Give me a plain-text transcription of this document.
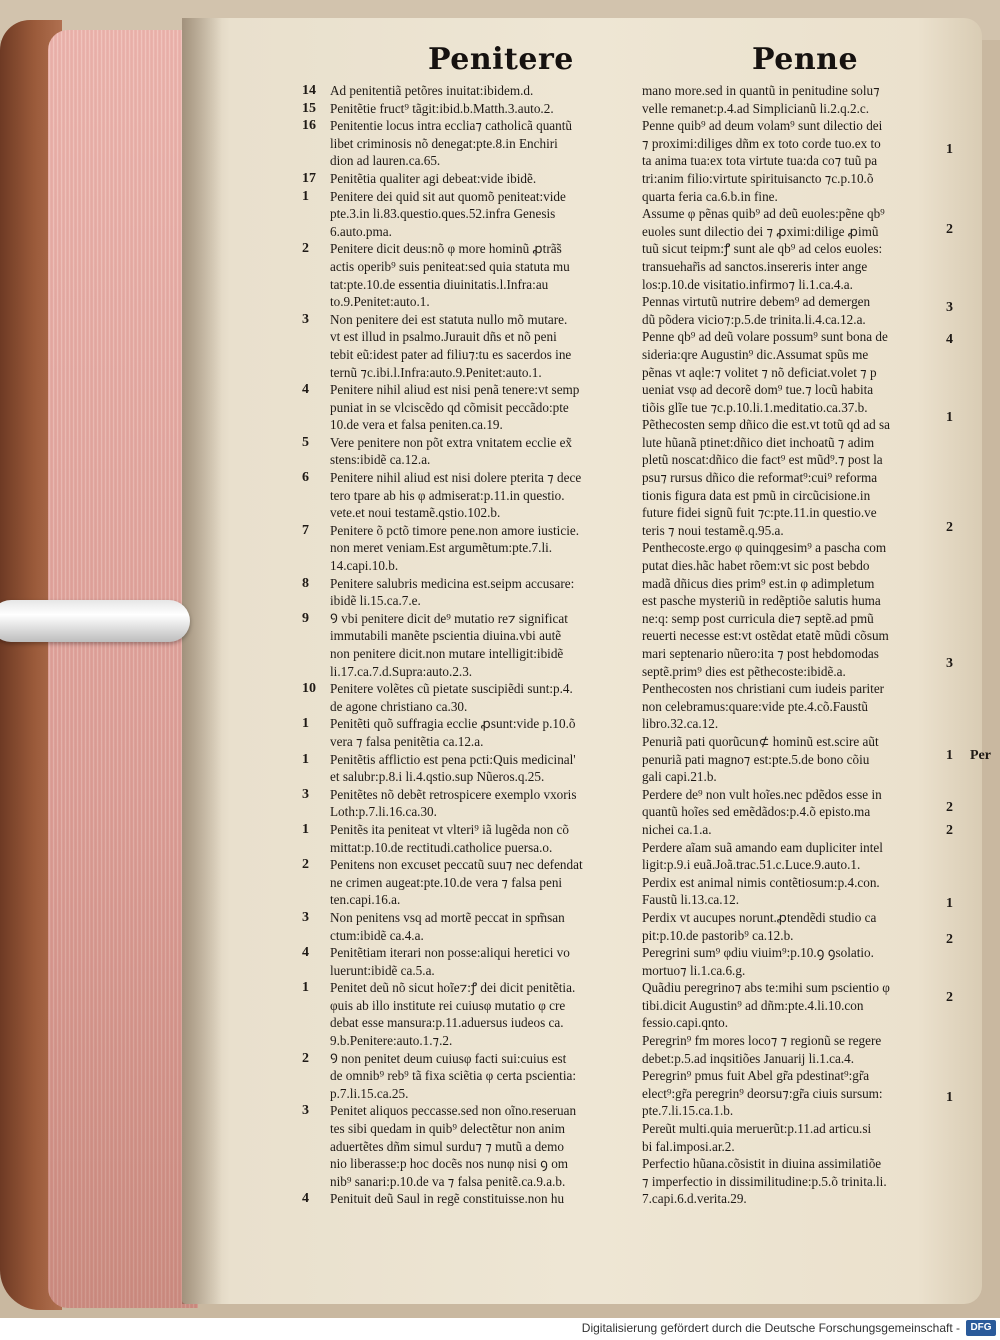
Penitere	Penne
14	Ad penitentiã petõres inuitat:ibidem.d.
15	Penitẽtie fruct⁹ tãgit:ibid.b.Matth.3.auto.2.
16	Penitentie locus intra ecclia⁊ catholicã quantũ
libet criminosis nõ denegat:pte.8.in Enchiri
dion ad lauren.ca.65.
17	Penitẽtia qualiter agi debeat:vide ibidẽ.
1	Penitere dei quid sit aut quomõ peniteat:vide
pte.3.in li.83.questio.ques.52.infra Genesis
6.auto.pma.
2	Penitere dicit deus:nõ φ more hominũ ꝓtrã̃s
actis operib⁹ suis peniteat:sed quia statuta mu
tat:pte.10.de essentia diuinitatis.l.Infra:au
to.9.Penitet:auto.1.
3	Non penitere dei est statuta nullo mõ mutare.
vt est illud in psalmo.Jurauit dñs et nõ peni
tebit eũ:idest pater ad filiu⁊:tu es sacerdos ine
ternũ ⁊c.ibi.l.Infra:auto.9.Penitet:auto.1.
4	Penitere nihil aliud est nisi penã tenere:vt semp
puniat in se vlciscẽdo qd cõmisit peccãdo:pte
10.de vera et falsa peniten.ca.19.
5	Vere penitere non põt extra vnitatem ecclie ex̃
stens:ibidẽ ca.12.a.
6	Penitere nihil aliud est nisi dolere pterita ⁊ dece
tero tpare ab his φ admiserat:p.11.in questio.
vete.et noui testamẽ.qstio.102.b.
7	Penitere õ pctõ timore pene.non amore iusticie.
non meret veniam.Est argumẽtum:pte.7.li.
14.capi.10.b.
8	Penitere salubris medicina est.seipm accusare:
ibidẽ li.15.ca.7.e.
9	Ꝯ vbi penitere dicit de⁹ mutatio re⁊ significat
immutabili manẽte pscientia diuina.vbi autẽ
non penitere dicit.non mutare intelligit:ibidẽ
li.17.ca.7.d.Supra:auto.2.3.
10	Penitere volẽtes cũ pietate suscipiẽdi sunt:p.4.
de agone christiano ca.30.
1	Penitẽti quõ suffragia ecclie ꝓsunt:vide p.10.õ
vera ⁊ falsa penitẽtia ca.12.a.
1	Penitẽtis afflictio est pena pcti:Quis medicinal'
et salubr:p.8.i li.4.qstio.sup Nũeros.q.25.
3	Penitẽtes nõ debẽt retrospicere exemplo vxoris
Loth:p.7.li.16.ca.30.
1	Penitẽs ita peniteat vt vlteri⁹ iã lugẽda non cõ
mittat:p.10.de rectitudi.catholice puersa.o.
2	Penitens non excuset peccatũ suu⁊ nec defendat
ne crimen augeat:pte.10.de vera ⁊ falsa peni
ten.capi.16.a.
3	Non penitens vsq ad mortẽ peccat in spm̃san
ctum:ibidẽ ca.4.a.
4	Penitẽtiam iterari non posse:aliqui heretici vo
luerunt:ibidẽ ca.5.a.
1	Penitet deũ nõ sicut hoĩe⁊:ꝭ dei dicit penitẽtia.
φuis ab illo institute rei cuiusφ mutatio φ cre
debat esse mansura:p.11.aduersus iudeos ca.
9.b.Penitere:auto.1.⁊.2.
2	Ꝯ non penitet deum cuiusφ facti sui:cuius est
de omnib⁹ reb⁹ tã fixa sciẽtia φ certa pscientia:
p.7.li.15.ca.25.
3	Penitet aliquos peccasse.sed non oĩno.reseruan
tes sibi quedam in quib⁹ delectẽtur non anim
aduertẽtes dñm simul surdu⁊ ⁊ mutũ a demo
nio liberasse:p hoc docẽs nos nunφ nisi ꝯ om
nib⁹ sanari:p.10.de va ⁊ falsa penitẽ.ca.9.a.b.
4	Penituit deũ Saul in regẽ constituisse.non hu
mano more.sed in quantũ in penitudine solu⁊
velle remanet:p.4.ad Simplicianũ li.2.q.2.c.
Penne quib⁹ ad deum volam⁹ sunt dilectio dei
⁊ proximi:diliges dñm ex toto corde tuo.ex to
ta anima tua:ex tota virtute tua:da co⁊ tuũ pa
tri:anim filio:virtute spirituisancto ⁊c.p.10.õ
quarta feria ca.6.b.in fine.
Assume φ pẽnas quib⁹ ad deũ euoles:pẽne qb⁹
euoles sunt dilectio dei ⁊ ꝓximi:dilige ꝓimũ
tuũ sicut teipm:ꝭ sunt ale qb⁹ ad celos euoles:
transuehar̃is ad sanctos.insereris inter ange
los:p.10.de visitatio.infirmo⁊ li.1.ca.4.a.
Pennas virtutũ nutrire debem⁹ ad demergen
dũ põdera vicio⁊:p.5.de trinita.li.4.ca.12.a.
Penne qb⁹ ad deũ volare possum⁹ sunt bona de
sideria:qre Augustin⁹ dic.Assumat spũs me
pẽnas vt aqle:⁊ volitet ⁊ nõ deficiat.volet ⁊ p
ueniat vsφ ad decorẽ dom⁹ tue.⁊ locũ habita
tiõis glĩe tue ⁊c.p.10.li.1.meditatio.ca.37.b.
Pẽthecosten semp dñico die est.vt totũ qd ad sa
lute hũanã ptinet:dñico diet inchoatũ ⁊ adim
pletũ noscat:dñico die fact⁹ est mũd⁹.⁊ post la
psu⁊ rursus dñico die reformat⁹:cui⁹ reforma
tionis figura data est pmũ in circũcisione.in
future fidei signũ fuit ⁊c:pte.11.in questio.ve
teris ⁊ noui testamẽ.q.95.a.
Penthecoste.ergo φ quinqgesim⁹ a pascha com
putat dies.hãc habet rõem:vt sic post bebdo
madã dñicus dies prim⁹ est.in φ adimpletum
est pasche mysteriũ in redẽptiõe salutis huma
ne:q: semp post curricula die⁊ septẽ.ad pmũ
reuerti necesse est:vt ostẽdat etatẽ mũdi cõsum
mari septenario nũero:ita ⁊ post hebdomodas
septẽ.prim⁹ dies est pẽthecoste:ibidẽ.a.
Penthecosten nos christiani cum iudeis pariter
non celebramus:quare:vide pte.4.cõ.Faustũ
libro.32.ca.12.
Penuriã pati quorũcun⊄ hominũ est.scire aũt
penuriã pati magno⁊ est:pte.5.de bono cõiu
gali capi.21.b.
Perdere de⁹ non vult hoĩes.nec pdẽdos esse in
quantũ hoĩes sed emẽdãdos:p.4.õ episto.ma
nichei ca.1.a.
Perdere aĩam suã amando eam dupliciter intel
ligit:p.9.i euã.Joã.trac.51.c.Luce.9.auto.1.
Perdix est animal nimis contẽtiosum:p.4.con.
Faustũ li.13.ca.12.
Perdix vt aucupes norunt.ꝓtendẽdi studio ca
pit:p.10.de pastorib⁹ ca.12.b.
Peregrini sum⁹ φdiu viuim⁹:p.10.ꝯ ꝯsolatio.
mortuo⁊ li.1.ca.6.g.
Quãdiu peregrino⁊ abs te:mihi sum pscientio φ
tibi.dicit Augustin⁹ ad dñm:pte.4.li.10.con
fessio.capi.qnto.
Peregrin⁹ fm mores loco⁊ ⁊ regionũ se regere
debet:p.5.ad inqsitiões Januarij li.1.ca.4.
Peregrin⁹ pmus fuit Abel gr̃a pdestinat⁹:gr̃a
elect⁹:gr̃a peregrin⁹ deorsu⁊:gr̃a ciuis sursum:
pte.7.li.15.ca.1.b.
Pereũt multi.quia meruerũt:p.11.ad articu.si
bi fal.imposi.ar.2.
Perfectio hũana.cõsistit in diuina assimilatiõe
⁊ imperfectio in dissimilitudine:p.5.õ trinita.li.
7.capi.6.d.verita.29.
1
2
3
4
1
2
3
1
2
2
1
2
2
1
Per
Digitalisierung gefördert durch die Deutsche Forschungsgemeinschaft -	DFG
